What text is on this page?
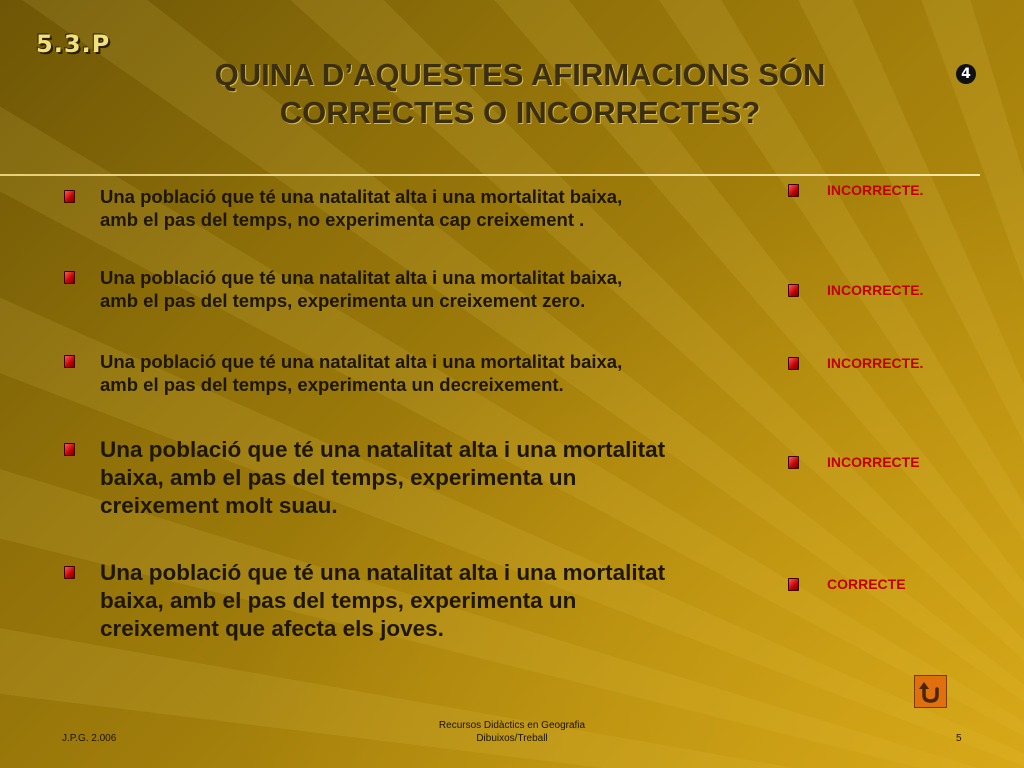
5.3.P
4
QUINA D’AQUESTES AFIRMACIONS SÓN
CORRECTES O INCORRECTES?
Una població que té una natalitat alta i una mortalitat baixa,
amb el pas del temps, no experimenta cap creixement .
INCORRECTE.
Una població que té una natalitat alta i una mortalitat baixa,
amb el pas del temps, experimenta un creixement zero.	INCORRECTE.
Una població que té una natalitat alta i una mortalitat baixa,
amb el pas del temps, experimenta un decreixement.
INCORRECTE.
Una població que té una natalitat alta i una mortalitat
baixa, amb el pas del temps, experimenta un
creixement molt suau.
INCORRECTE
Una població que té una natalitat alta i una mortalitat
baixa, amb el pas del temps, experimenta un
creixement que afecta els joves.
CORRECTE
J.P.G. 2.006
Recursos Didàctics en Geografia
Dibuixos/Treball	5
